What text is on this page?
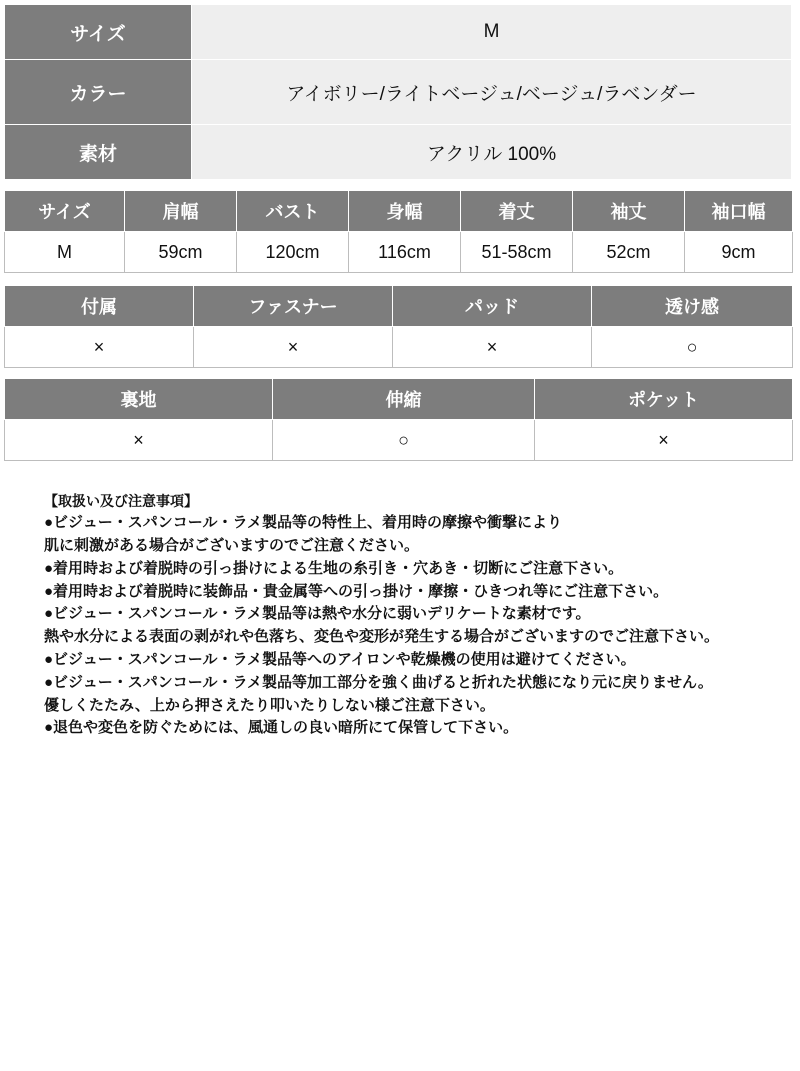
サイズ	M
カラー	アイボリー/ライトベージュ/ベージュ/ラベンダー
素材	アクリル 100%
サイズ	肩幅	バスト	身幅	着丈	袖丈	袖口幅
M	59cm	120cm	116cm	51-58cm	52cm	9cm
付属	ファスナー	パッド	透け感
×	×	×	○
裏地	伸縮	ポケット
×	○	×
【取扱い及び注意事項】
●ビジュー・スパンコール・ラメ製品等の特性上、着用時の摩擦や衝撃により
肌に刺激がある場合がございますのでご注意ください。
●着用時および着脱時の引っ掛けによる生地の糸引き・穴あき・切断にご注意下さい。
●着用時および着脱時に装飾品・貴金属等への引っ掛け・摩擦・ひきつれ等にご注意下さい。
●ビジュー・スパンコール・ラメ製品等は熱や水分に弱いデリケートな素材です。
熱や水分による表面の剥がれや色落ち、変色や変形が発生する場合がございますのでご注意下さい。
●ビジュー・スパンコール・ラメ製品等へのアイロンや乾燥機の使用は避けてください。
●ビジュー・スパンコール・ラメ製品等加工部分を強く曲げると折れた状態になり元に戻りません。
優しくたたみ、上から押さえたり叩いたりしない様ご注意下さい。
●退色や変色を防ぐためには、風通しの良い暗所にて保管して下さい。
